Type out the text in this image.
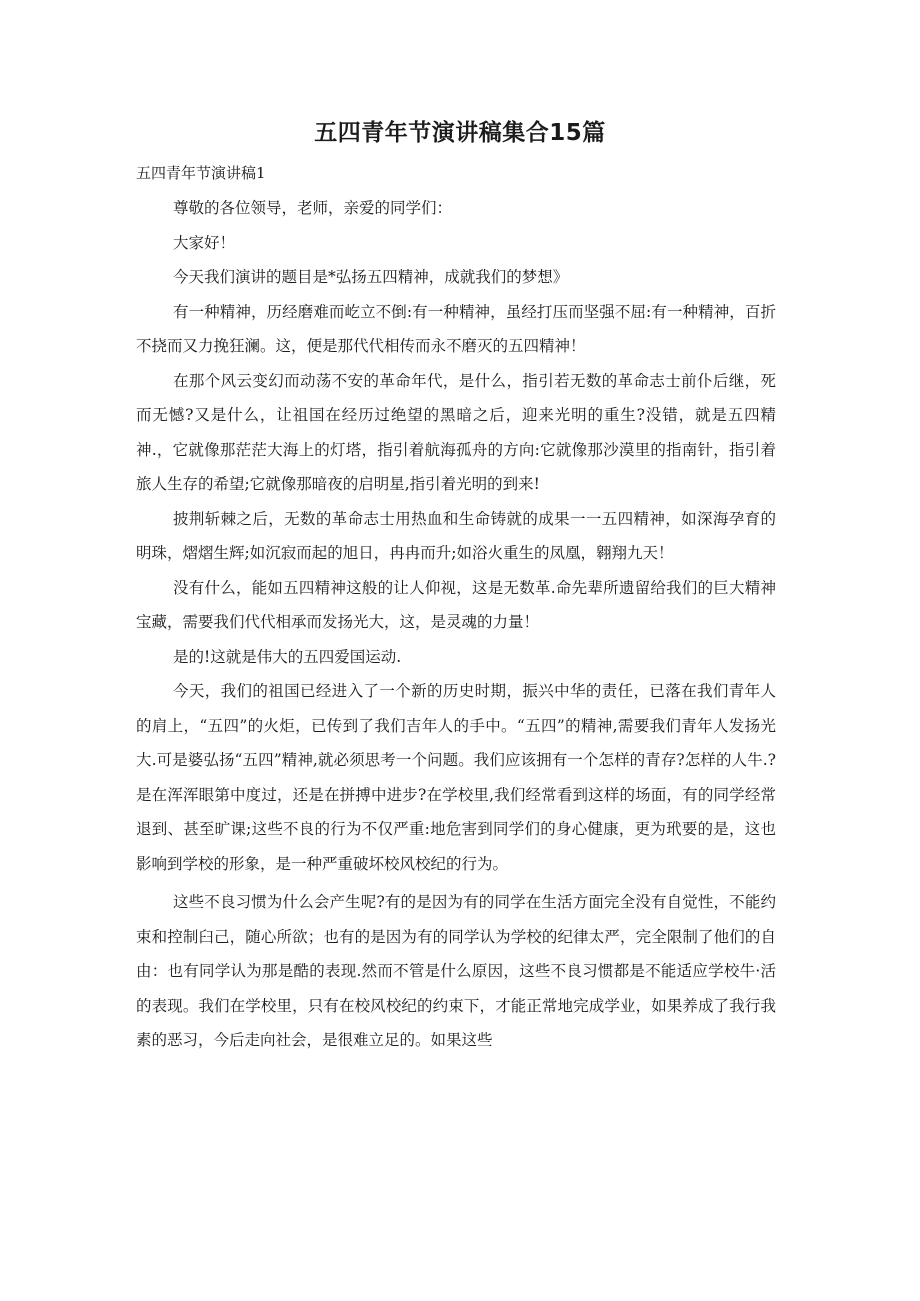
五四青年节演讲稿集合15篇

五四青年节演讲稿1

尊敬的各位领导，老师，亲爱的同学们：

大家好！

今天我们演讲的题目是*弘扬五四精神，成就我们的梦想》

有一种精神，历经磨难而屹立不倒:有一种精神，虽经打压而坚强不屈:有一种精神，百折不挠而又力挽狂澜。这，便是那代代相传而永不磨灭的五四精神！

在那个风云变幻而动荡不安的革命年代，是什么，指引若无数的革命志士前仆后继，死而无憾?又是什么，让祖国在经历过绝望的黑暗之后，迎来光明的重生?没错，就是五四精神.，它就像那茫茫大海上的灯塔，指引着航海孤舟的方向:它就像那沙漠里的指南针，指引着旅人生存的希望;它就像那暗夜的启明星,指引着光明的到来!

披荆斩棘之后，无数的革命志士用热血和生命铸就的成果一一五四精神，如深海孕育的明珠，熠熠生辉;如沉寂而起的旭日，冉冉而升;如浴火重生的凤凰，翱翔九天！

没有什么，能如五四精神这般的让人仰视，这是无数革.命先辈所遗留给我们的巨大精神宝藏，需要我们代代相承而发扬光大，这，是灵魂的力量！

是的!这就是伟大的五四爱国运动.

今天，我们的祖国已经进入了一个新的历史时期，振兴中华的责任，已落在我们青年人的肩上，“五四”的火炬，已传到了我们吉年人的手中。“五四”的精神,需要我们青年人发扬光大.可是婆弘扬“五四”精神,就必须思考一个问题。我们应该拥有一个怎样的青存?怎样的人牛.?是在浑浑眼第中度过，还是在拼搏中进步?在学校里,我们经常看到这样的场面，有的同学经常退到、甚至旷课;这些不良的行为不仅严重:地危害到同学们的身心健康，更为玳要的是，这也影响到学校的形象，是一种严重破坏校风校纪的行为。

这些不良习惯为什么会产生呢?有的是因为有的同学在生活方面完全没有自觉性，不能约束和控制臼己，随心所欲；也有的是因为有的同学认为学校的纪律太严，完全限制了他们的自由：也有同学认为那是酷的表现.然而不管是什么原因，这些不良习惯都是不能适应学校牛·活的表现。我们在学校里，只有在校风校纪的约束下，才能正常地完成学业，如果养成了我行我素的恶习，今后走向社会，是很难立足的。如果这些
